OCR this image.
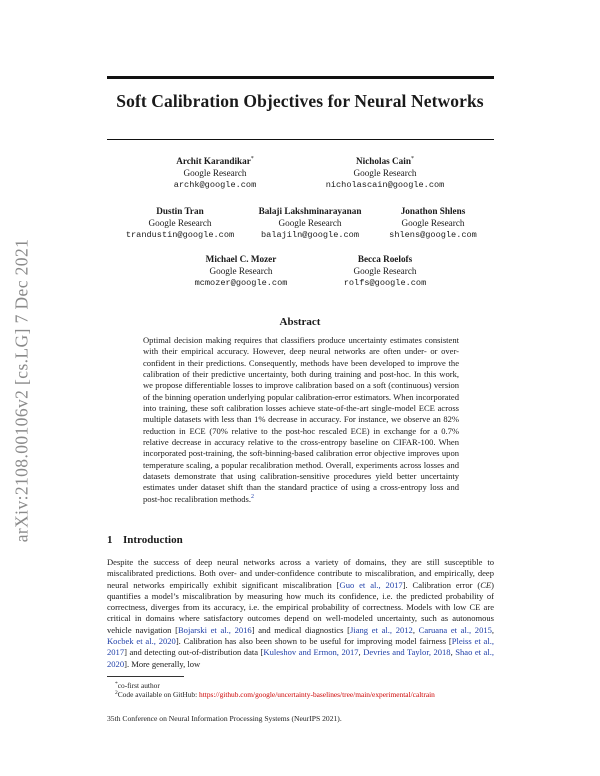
arXiv:2108.00106v2 [cs.LG] 7 Dec 2021
Soft Calibration Objectives for Neural Networks
Archit Karandikar*
Google Research
archk@google.com
Nicholas Cain*
Google Research
nicholascain@google.com
Dustin Tran
Google Research
trandustin@google.com
Balaji Lakshminarayanan
Google Research
balajiln@google.com
Jonathon Shlens
Google Research
shlens@google.com
Michael C. Mozer
Google Research
mcmozer@google.com
Becca Roelofs
Google Research
rolfs@google.com
Abstract
Optimal decision making requires that classifiers produce uncertainty estimates consistent with their empirical accuracy. However, deep neural networks are often under- or over-confident in their predictions. Consequently, methods have been developed to improve the calibration of their predictive uncertainty, both during training and post-hoc. In this work, we propose differentiable losses to improve calibration based on a soft (continuous) version of the binning operation underlying popular calibration-error estimators. When incorporated into training, these soft calibration losses achieve state-of-the-art single-model ECE across multiple datasets with less than 1% decrease in accuracy. For instance, we observe an 82% reduction in ECE (70% relative to the post-hoc rescaled ECE) in exchange for a 0.7% relative decrease in accuracy relative to the cross-entropy baseline on CIFAR-100. When incorporated post-training, the soft-binning-based calibration error objective improves upon temperature scaling, a popular recalibration method. Overall, experiments across losses and datasets demonstrate that using calibration-sensitive procedures yield better uncertainty estimates under dataset shift than the standard practice of using a cross-entropy loss and post-hoc recalibration methods.$^2$
1 Introduction
Despite the success of deep neural networks across a variety of domains, they are still susceptible to miscalibrated predictions. Both over- and under-confidence contribute to miscalibration, and empirically, deep neural networks empirically exhibit significant miscalibration [Guo et al., 2017]. Calibration error (CE) quantifies a model’s miscalibration by measuring how much its confidence, i.e. the predicted probability of correctness, diverges from its accuracy, i.e. the empirical probability of correctness. Models with low CE are critical in domains where satisfactory outcomes depend on well-modeled uncertainty, such as autonomous vehicle navigation [Bojarski et al., 2016] and medical diagnostics [Jiang et al., 2012, Caruana et al., 2015, Kocbek et al., 2020]. Calibration has also been shown to be useful for improving model fairness [Pleiss et al., 2017] and detecting out-of-distribution data [Kuleshov and Ermon, 2017, Devries and Taylor, 2018, Shao et al., 2020]. More generally, low
*co-first author
$^2$Code available on GitHub: https://github.com/google/uncertainty-baselines/tree/main/experimental/caltrain
35th Conference on Neural Information Processing Systems (NeurIPS 2021).
